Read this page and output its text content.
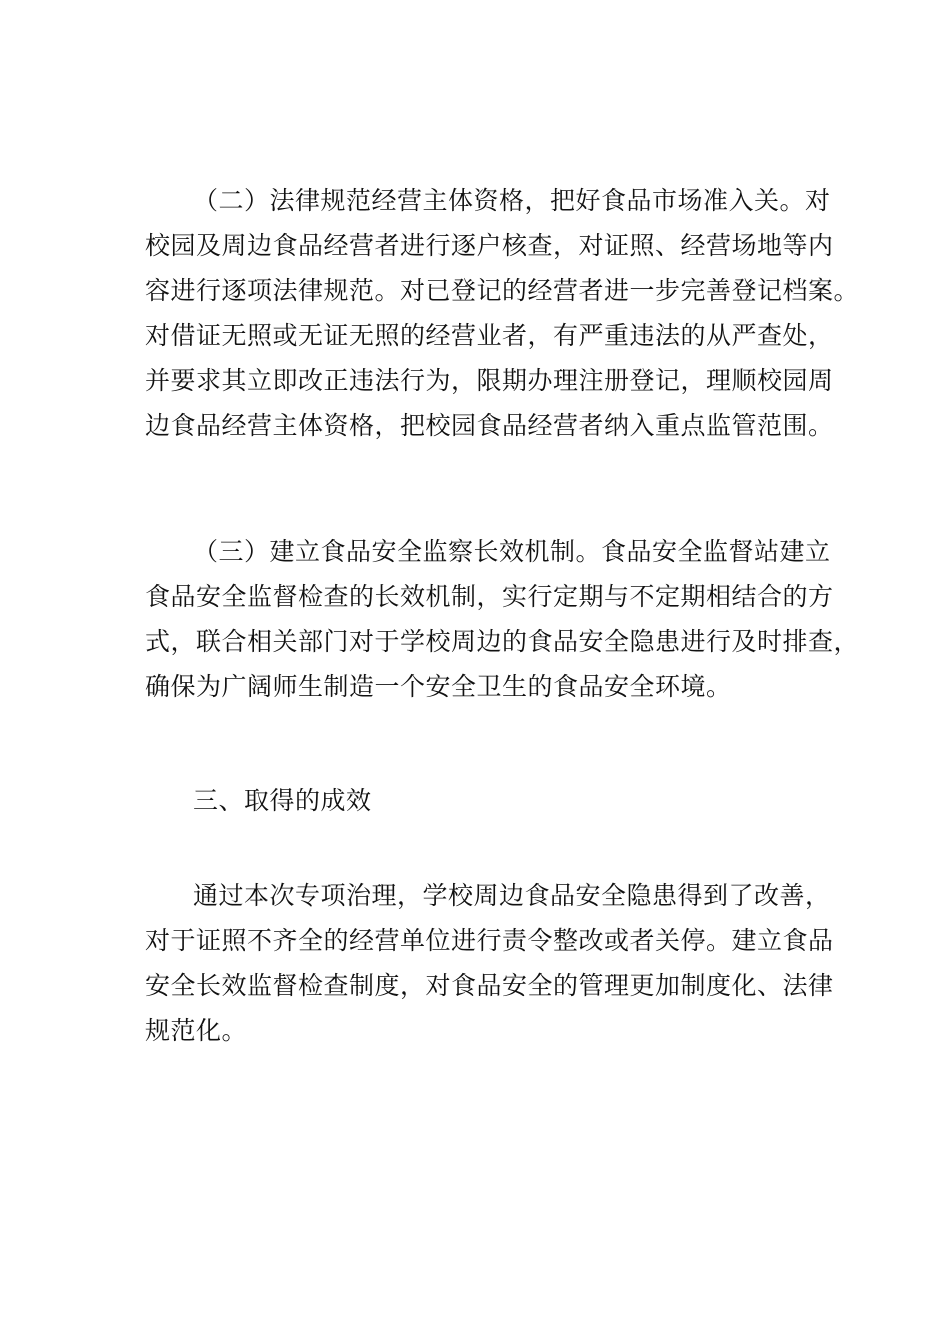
（二）法律规范经营主体资格，把好食品市场准入关。对
校园及周边食品经营者进行逐户核查，对证照、经营场地等内
容进行逐项法律规范。对已登记的经营者进一步完善登记档案。
对借证无照或无证无照的经营业者，有严重违法的从严查处，
并要求其立即改正违法行为，限期办理注册登记，理顺校园周
边食品经营主体资格，把校园食品经营者纳入重点监管范围。
（三）建立食品安全监察长效机制。食品安全监督站建立
食品安全监督检查的长效机制，实行定期与不定期相结合的方
式，联合相关部门对于学校周边的食品安全隐患进行及时排查，
确保为广阔师生制造一个安全卫生的食品安全环境。
三、取得的成效
通过本次专项治理，学校周边食品安全隐患得到了改善，
对于证照不齐全的经营单位进行责令整改或者关停。建立食品
安全长效监督检查制度，对食品安全的管理更加制度化、法律
规范化。
